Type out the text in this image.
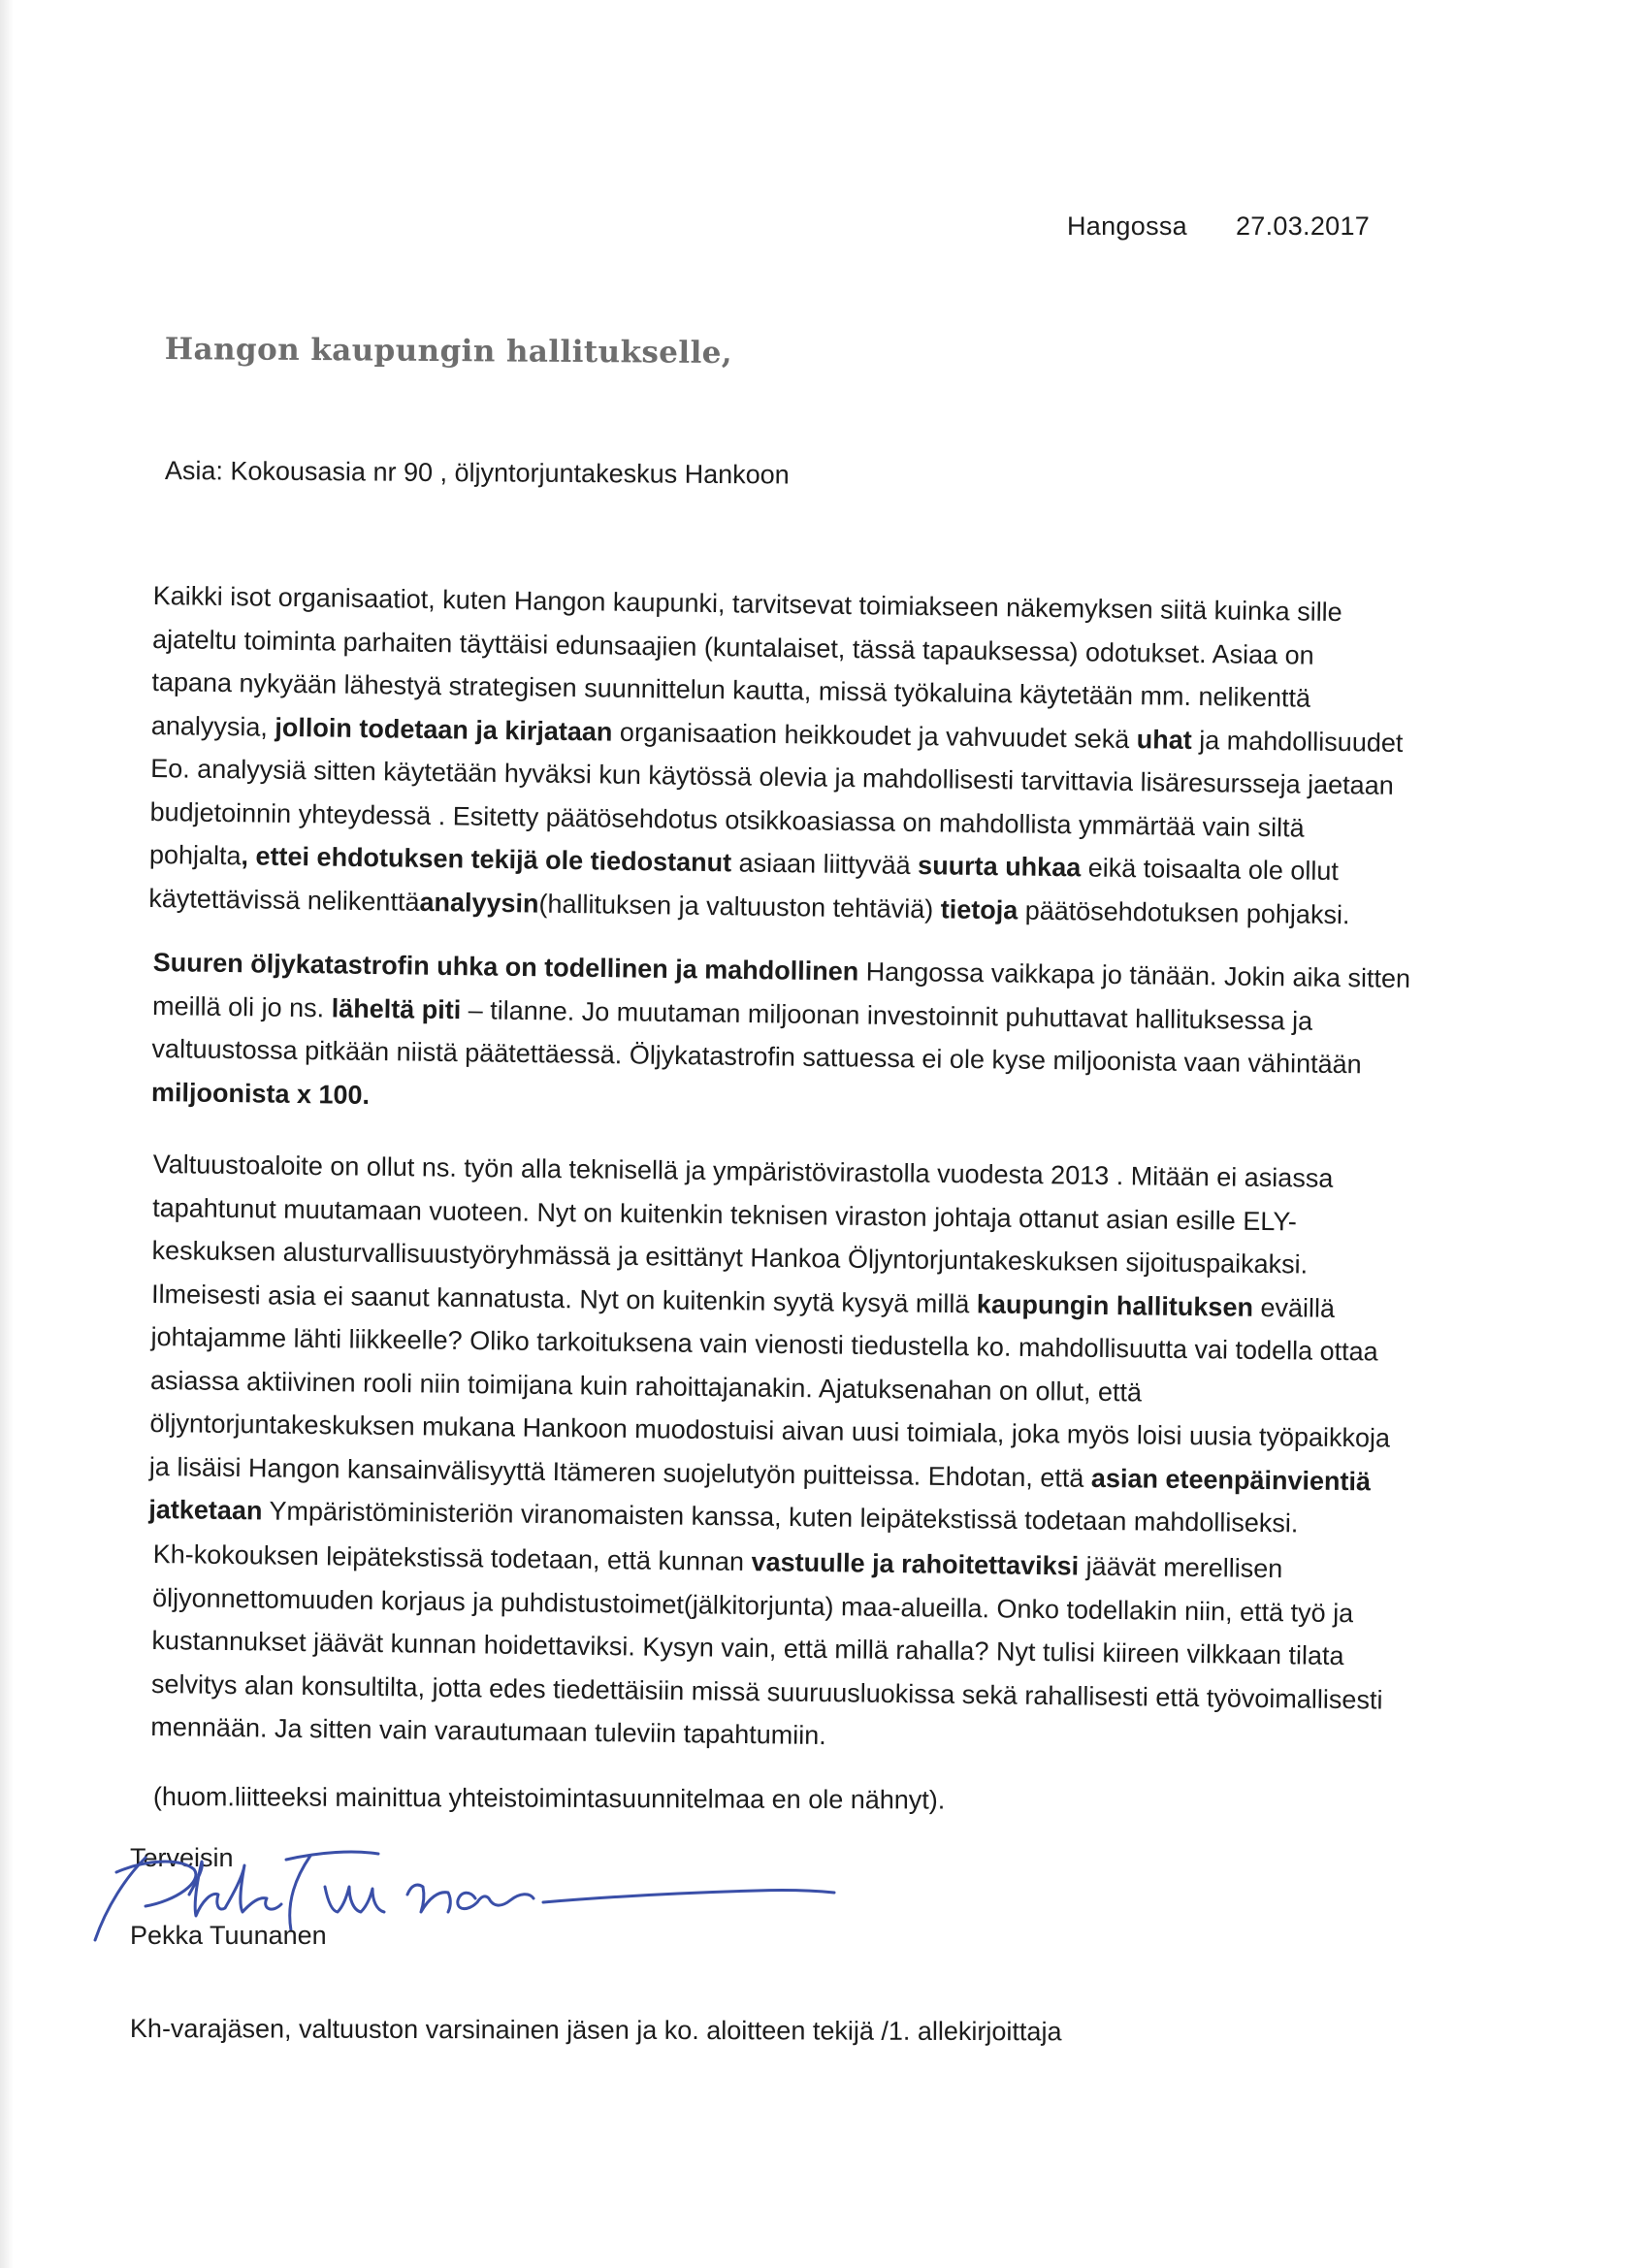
Hangossa 27.03.2017
Hangon kaupungin hallitukselle,
Asia: Kokousasia nr 90 , öljyntorjuntakeskus Hankoon

Kaikki isot organisaatiot, kuten Hangon kaupunki, tarvitsevat toimiakseen näkemyksen siitä kuinka sille

ajateltu toiminta parhaiten täyttäisi edunsaajien (kuntalaiset, tässä tapauksessa) odotukset. Asiaa on

tapana nykyään lähestyä strategisen suunnittelun kautta, missä työkaluina käytetään mm. nelikenttä

analyysia, jolloin todetaan ja kirjataan organisaation heikkoudet ja vahvuudet sekä uhat ja mahdollisuudet

Eo. analyysiä sitten käytetään hyväksi kun käytössä olevia ja mahdollisesti tarvittavia lisäresursseja jaetaan

budjetoinnin yhteydessä . Esitetty päätösehdotus otsikkoasiassa on mahdollista ymmärtää vain siltä

pohjalta, ettei ehdotuksen tekijä ole tiedostanut asiaan liittyvää suurta uhkaa eikä toisaalta ole ollut

käytettävissä nelikenttäanalyysin(hallituksen ja valtuuston tehtäviä) tietoja päätösehdotuksen pohjaksi.

Suuren öljykatastrofin uhka on todellinen ja mahdollinen Hangossa vaikkapa jo tänään. Jokin aika sitten

meillä oli jo ns. läheltä piti – tilanne. Jo muutaman miljoonan investoinnit puhuttavat hallituksessa ja

valtuustossa pitkään niistä päätettäessä. Öljykatastrofin sattuessa ei ole kyse miljoonista vaan vähintään

miljoonista x 100.

Valtuustoaloite on ollut ns. työn alla teknisellä ja ympäristövirastolla vuodesta 2013 . Mitään ei asiassa

tapahtunut muutamaan vuoteen. Nyt on kuitenkin teknisen viraston johtaja ottanut asian esille ELY-

keskuksen alusturvallisuustyöryhmässä ja esittänyt Hankoa Öljyntorjuntakeskuksen sijoituspaikaksi.

Ilmeisesti asia ei saanut kannatusta. Nyt on kuitenkin syytä kysyä millä kaupungin hallituksen eväillä

johtajamme lähti liikkeelle? Oliko tarkoituksena vain vienosti tiedustella ko. mahdollisuutta vai todella ottaa

asiassa aktiivinen rooli niin toimijana kuin rahoittajanakin. Ajatuksenahan on ollut, että

öljyntorjuntakeskuksen mukana Hankoon muodostuisi aivan uusi toimiala, joka myös loisi uusia työpaikkoja

ja lisäisi Hangon kansainvälisyyttä Itämeren suojelutyön puitteissa. Ehdotan, että asian eteenpäinvientiä

jatketaan Ympäristöministeriön viranomaisten kanssa, kuten leipätekstissä todetaan mahdolliseksi.

Kh-kokouksen leipätekstissä todetaan, että kunnan vastuulle ja rahoitettaviksi jäävät merellisen

öljyonnettomuuden korjaus ja puhdistustoimet(jälkitorjunta) maa-alueilla. Onko todellakin niin, että työ ja

kustannukset jäävät kunnan hoidettaviksi. Kysyn vain, että millä rahalla? Nyt tulisi kiireen vilkkaan tilata

selvitys alan konsultilta, jotta edes tiedettäisiin missä suuruusluokissa sekä rahallisesti että työvoimallisesti

mennään. Ja sitten vain varautumaan tuleviin tapahtumiin.

(huom.liitteeksi mainittua yhteistoimintasuunnitelmaa en ole nähnyt).

Terveisin
Pekka Tuunanen
Kh-varajäsen, valtuuston varsinainen jäsen ja ko. aloitteen tekijä /1. allekirjoittaja
